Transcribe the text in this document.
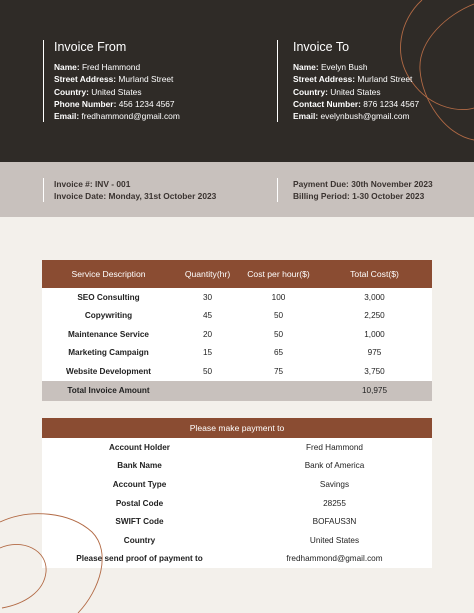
Invoice From
Name: Fred Hammond
Street Address: Murland Street
Country: United States
Phone Number: 456 1234 4567
Email: fredhammond@gmail.com
Invoice To
Name: Evelyn Bush
Street Address: Murland Street
Country: United States
Contact Number: 876 1234 4567
Email: evelynbush@gmail.com
Invoice #: INV - 001
Invoice Date: Monday, 31st October 2023
Payment Due: 30th November 2023
Billing Period: 1-30 October 2023
Service Description	Quantity(hr)	Cost per hour($)	Total Cost($)
SEO Consulting	30	100	3,000
Copywriting	45	50	2,250
Maintenance Service	20	50	1,000
Marketing Campaign	15	65	975
Website Development	50	75	3,750
Total Invoice Amount			10,975
Please make payment to	
Account Holder	Fred Hammond
Bank Name	Bank of America
Account Type	Savings
Postal Code	28255
SWIFT Code	BOFAUS3N
Country	United States
Please send proof of payment to	fredhammond@gmail.com
